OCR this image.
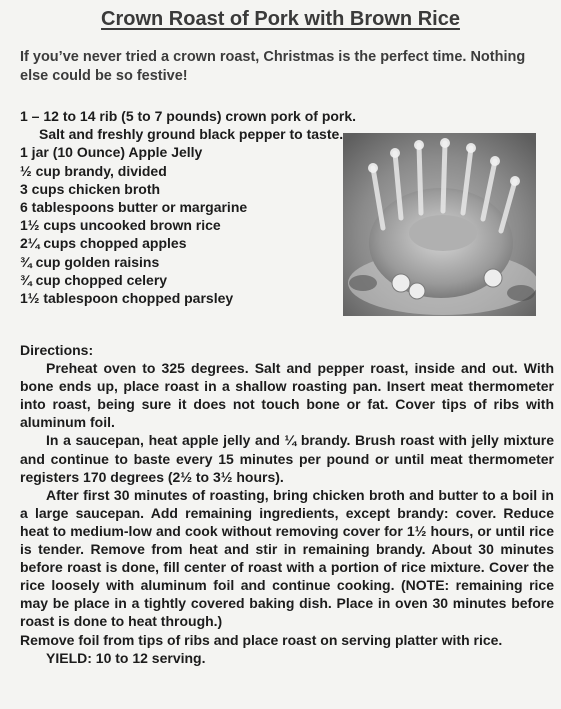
Crown Roast of Pork with Brown Rice
If you’ve never tried a crown roast, Christmas is the perfect time. Nothing else could be so festive!
1 – 12 to 14 rib (5 to 7 pounds) crown pork of pork.
Salt and freshly ground black pepper to taste.
1 jar (10 Ounce) Apple Jelly
½ cup brandy, divided
3 cups chicken broth
6 tablespoons butter or margarine
1½ cups uncooked brown rice
2¼ cups chopped apples
¾ cup golden raisins
¾ cup chopped celery
1½ tablespoon chopped parsley

Directions:

Preheat oven to 325 degrees. Salt and pepper roast, inside and out. With bone ends up, place roast in a shallow roasting pan. Insert meat thermometer into roast, being sure it does not touch bone or fat. Cover tips of ribs with aluminum foil.

In a saucepan, heat apple jelly and ¼ brandy. Brush roast with jelly mixture and continue to baste every 15 minutes per pound or until meat thermometer registers 170 degrees (2½ to 3½ hours).

After first 30 minutes of roasting, bring chicken broth and butter to a boil in a large saucepan. Add remaining ingredients, except brandy: cover. Reduce heat to medium-low and cook without removing cover for 1½ hours, or until rice is tender. Remove from heat and stir in remaining brandy. About 30 minutes before roast is done, fill center of roast with a portion of rice mixture. Cover the rice loosely with aluminum foil and continue cooking. (NOTE: remaining rice may be place in a tightly covered baking dish. Place in oven 30 minutes before roast is done to heat through.)

Remove foil from tips of ribs and place roast on serving platter with rice.

YIELD: 10 to 12 serving.
